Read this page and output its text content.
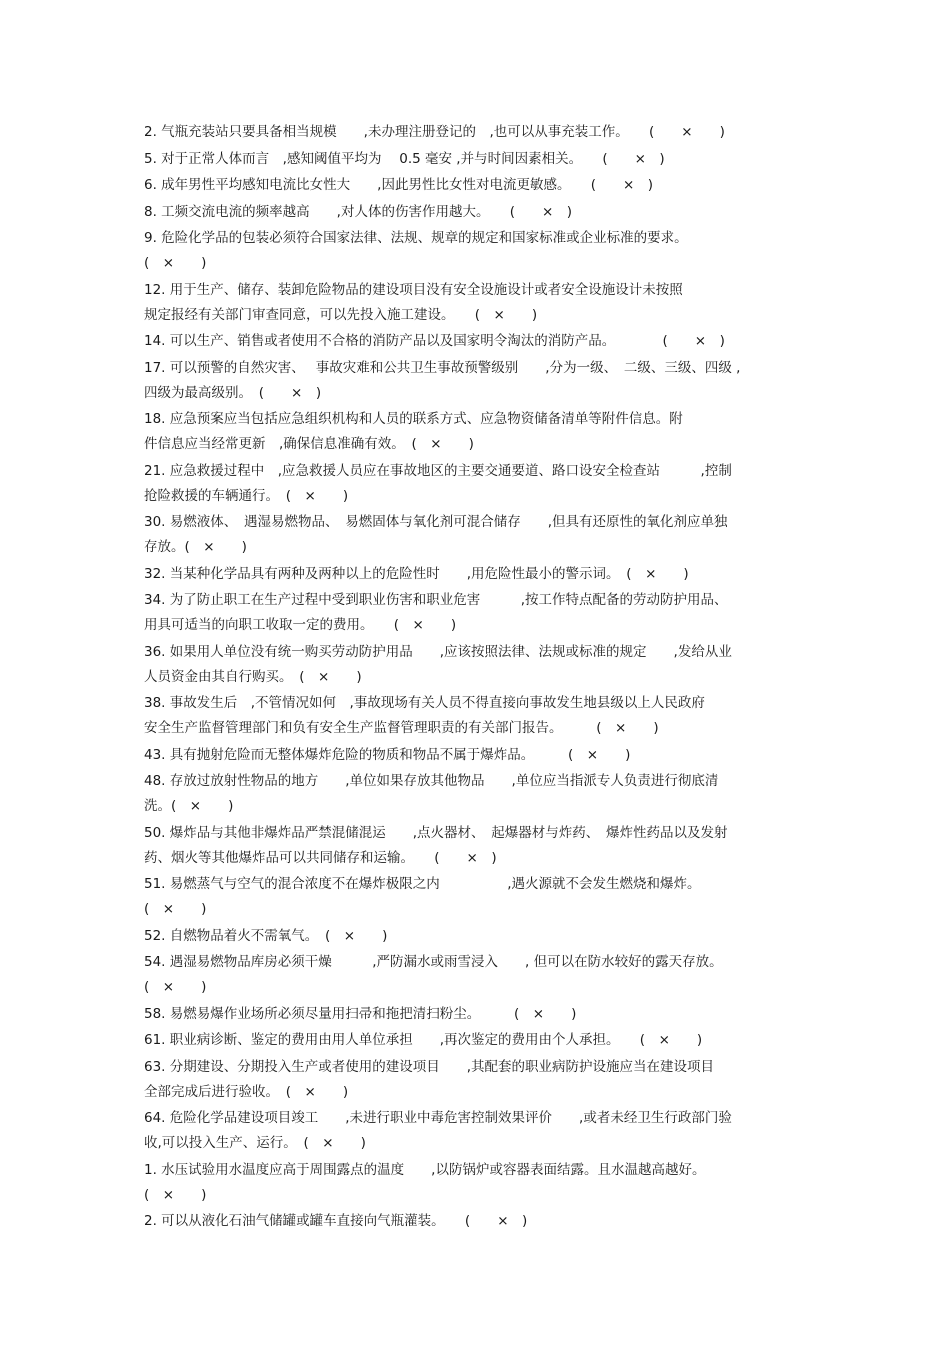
2. 气瓶充装站只要具备相当规模　　,未办理注册登记的　,也可以从事充装工作。　　(　　×　　)
5. 对于正常人体而言　,感知阈值平均为　 0.5 毫安 ,并与时间因素相关。　　(　　×　)
6. 成年男性平均感知电流比女性大　　,因此男性比女性对电流更敏感。　　(　　×　)
8. 工频交流电流的频率越高　　,对人体的伤害作用越大。　　(　　×　)
9. 危险化学品的包装必须符合国家法律、法规、规章的规定和国家标准或企业标准的要求。
(　×　　)
12. 用于生产、储存、装卸危险物品的建设项目没有安全设施设计或者安全设施设计未按照
规定报经有关部门审查同意，可以先投入施工建设。　　(　×　　)
14. 可以生产、销售或者使用不合格的消防产品以及国家明令淘汰的消防产品。　　　　(　　×　)
17. 可以预警的自然灾害、　 事故灾难和公共卫生事故预警级别　　,分为一级、　二级、三级、四级 ,
四级为最高级别。　(　　×　)
18. 应急预案应当包括应急组织机构和人员的联系方式、应急物资储备清单等附件信息。附
件信息应当经常更新　,确保信息准确有效。　(　×　　)
21. 应急救援过程中　,应急救援人员应在事故地区的主要交通要道、路口设安全检查站　　　,控制
抢险救援的车辆通行。　(　×　　)
30. 易燃液体、　遇湿易燃物品、　易燃固体与氧化剂可混合储存　　,但具有还原性的氧化剂应单独
存放。(　×　　)
32. 当某种化学品具有两种及两种以上的危险性时　　,用危险性最小的警示词。　(　×　　)
34. 为了防止职工在生产过程中受到职业伤害和职业危害　　　,按工作特点配备的劳动防护用品、
用具可适当的向职工收取一定的费用。　　(　×　　)
36. 如果用人单位没有统一购买劳动防护用品　　,应该按照法律、法规或标准的规定　　,发给从业
人员资金由其自行购买。　(　×　　)
38. 事故发生后　,不管情况如何　,事故现场有关人员不得直接向事故发生地县级以上人民政府
安全生产监督管理部门和负有安全生产监督管理职责的有关部门报告。　　　(　×　　)
43. 具有抛射危险而无整体爆炸危险的物质和物品不属于爆炸品。　　　(　×　　)
48. 存放过放射性物品的地方　　,单位如果存放其他物品　　,单位应当指派专人负责进行彻底清
洗。(　×　　)
50. 爆炸品与其他非爆炸品严禁混储混运　　,点火器材、　起爆器材与炸药、　爆炸性药品以及发射
药、烟火等其他爆炸品可以共同储存和运输。　　(　　×　)
51. 易燃蒸气与空气的混合浓度不在爆炸极限之内　　　　　,遇火源就不会发生燃烧和爆炸。
(　×　　)
52. 自燃物品着火不需氧气。　(　×　　)
54. 遇湿易燃物品库房必须干燥　　　,严防漏水或雨雪浸入　　, 但可以在防水较好的露天存放。
(　×　　)
58. 易燃易爆作业场所必须尽量用扫帚和拖把清扫粉尘。　　　(　×　　)
61. 职业病诊断、鉴定的费用由用人单位承担　　,再次鉴定的费用由个人承担。　　(　×　　)
63. 分期建设、分期投入生产或者使用的建设项目　　,其配套的职业病防护设施应当在建设项目
全部完成后进行验收。　(　×　　)
64. 危险化学品建设项目竣工　　,未进行职业中毒危害控制效果评价　　,或者未经卫生行政部门验
收,可以投入生产、运行。　(　×　　)
1. 水压试验用水温度应高于周围露点的温度　　,以防锅炉或容器表面结露。且水温越高越好。
(　×　　)
2. 可以从液化石油气储罐或罐车直接向气瓶灌装。　　(　　×　)
